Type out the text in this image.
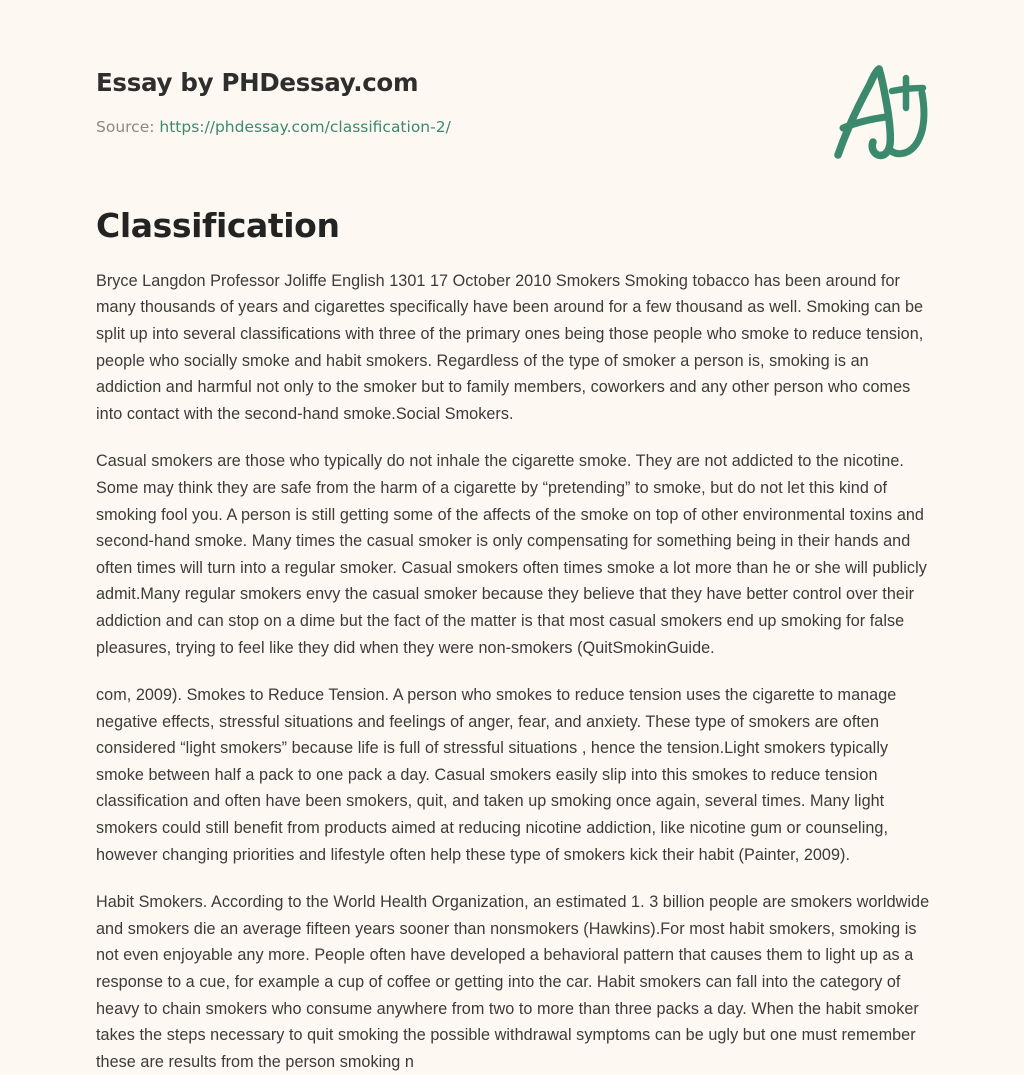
Essay by PHDessay.com
Source: https://phdessay.com/classification-2/
Classification

Bryce Langdon Professor Joliffe English 1301 17 October 2010 Smokers Smoking tobacco has been around for many thousands of years and cigarettes specifically have been around for a few thousand as well. Smoking can be split up into several classifications with three of the primary ones being those people who smoke to reduce tension, people who socially smoke and habit smokers. Regardless of the type of smoker a person is, smoking is an addiction and harmful not only to the smoker but to family members, coworkers and any other person who comes into contact with the second-hand smoke.Social Smokers.

Casual smokers are those who typically do not inhale the cigarette smoke. They are not addicted to the nicotine. Some may think they are safe from the harm of a cigarette by “pretending” to smoke, but do not let this kind of smoking fool you. A person is still getting some of the affects of the smoke on top of other environmental toxins and second-hand smoke. Many times the casual smoker is only compensating for something being in their hands and often times will turn into a regular smoker. Casual smokers often times smoke a lot more than he or she will publicly admit.Many regular smokers envy the casual smoker because they believe that they have better control over their addiction and can stop on a dime but the fact of the matter is that most casual smokers end up smoking for false pleasures, trying to feel like they did when they were non-smokers (QuitSmokinGuide.

com, 2009). Smokes to Reduce Tension. A person who smokes to reduce tension uses the cigarette to manage negative effects, stressful situations and feelings of anger, fear, and anxiety. These type of smokers are often considered “light smokers” because life is full of stressful situations , hence the tension.Light smokers typically smoke between half a pack to one pack a day. Casual smokers easily slip into this smokes to reduce tension classification and often have been smokers, quit, and taken up smoking once again, several times. Many light smokers could still benefit from products aimed at reducing nicotine addiction, like nicotine gum or counseling, however changing priorities and lifestyle often help these type of smokers kick their habit (Painter, 2009).

Habit Smokers. According to the World Health Organization, an estimated 1. 3 billion people are smokers worldwide and smokers die an average fifteen years sooner than nonsmokers (Hawkins).For most habit smokers, smoking is not even enjoyable any more. People often have developed a behavioral pattern that causes them to light up as a response to a cue, for example a cup of coffee or getting into the car. Habit smokers can fall into the category of heavy to chain smokers who consume anywhere from two to more than three packs a day. When the habit smoker takes the steps necessary to quit smoking the possible withdrawal symptoms can be ugly but one must remember these are results from the person smoking n
